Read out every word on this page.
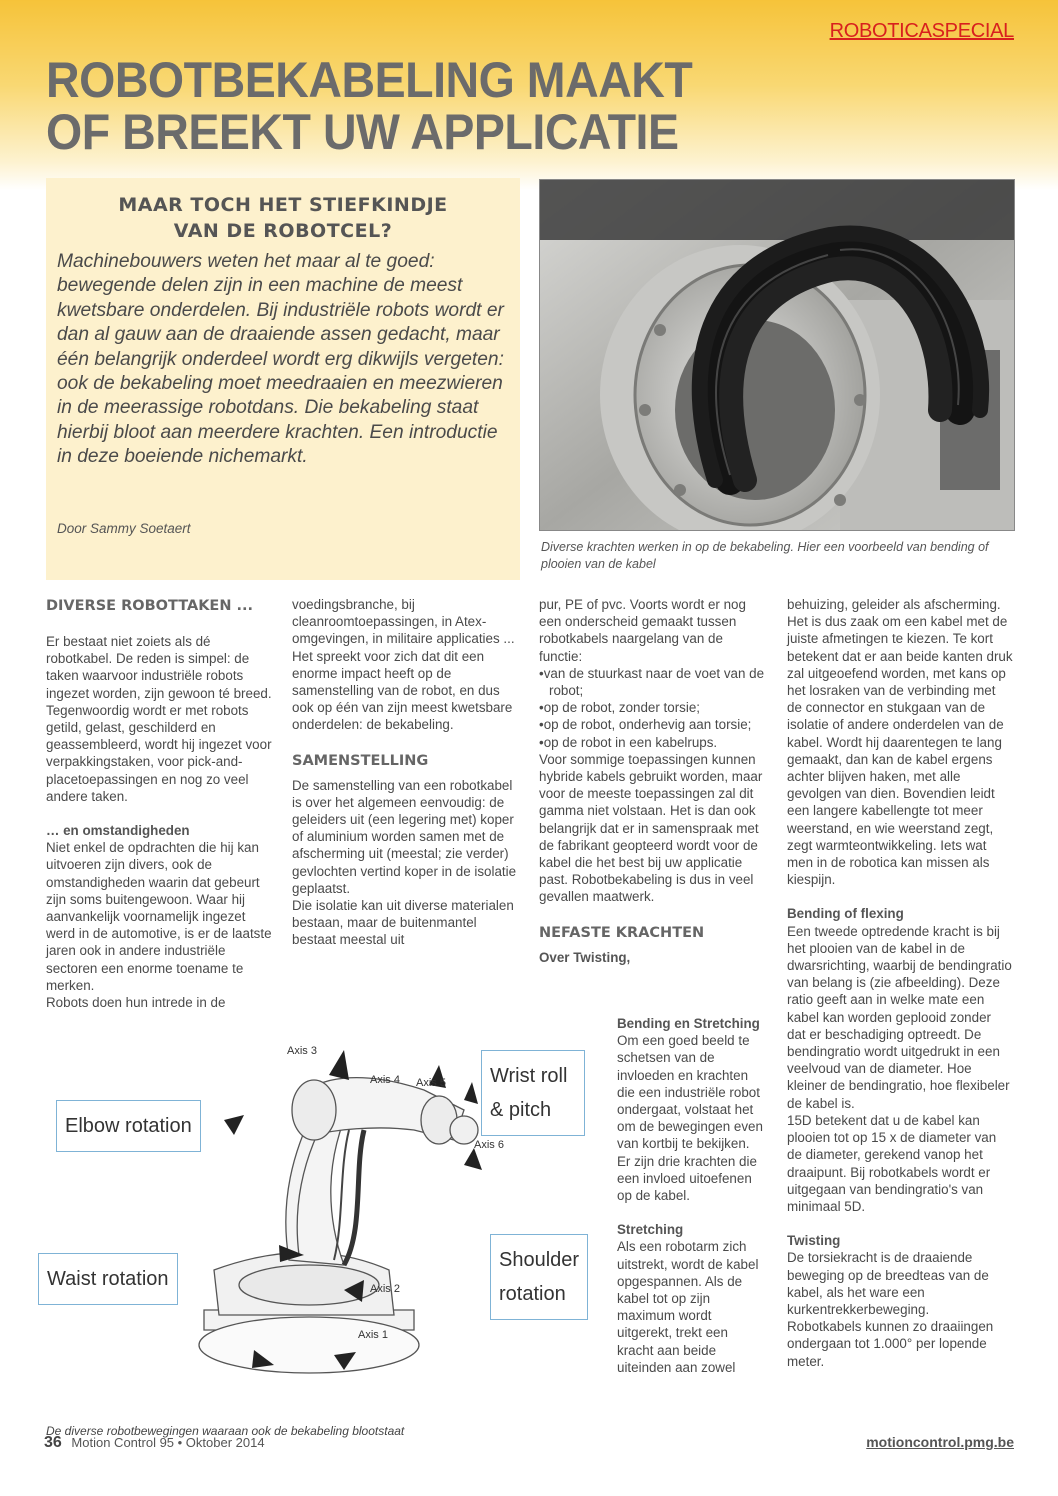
ROBOTICASPECIAL
ROBOTBEKABELING MAAKT
OF BREEKT UW APPLICATIE
MAAR TOCH HET STIEFKINDJE
VAN DE ROBOTCEL?

Machinebouwers weten het maar al te goed: bewegende delen zijn in een machine de meest kwetsbare onderdelen. Bij industriële robots wordt er dan al gauw aan de draaiende assen gedacht, maar één belangrijk onderdeel wordt erg dikwijls vergeten: ook de bekabeling moet meedraaien en meezwieren in de meerassige robotdans. Die bekabeling staat hierbij bloot aan meerdere krachten. Een introductie in deze boeiende nichemarkt.

Door Sammy Soetaert
Diverse krachten werken in op de bekabeling. Hier een voorbeeld van bending of plooien van de kabel
DIVERSE ROBOTTAKEN ...

Er bestaat niet zoiets als dé robotkabel. De reden is simpel: de taken waarvoor industriële robots ingezet worden, zijn gewoon té breed. Tegenwoordig wordt er met robots getild, gelast, geschilderd en geassembleerd, wordt hij ingezet voor verpakkingstaken, voor pick-and-placetoepassingen en nog zo veel andere taken.

… en omstandigheden

Niet enkel de opdrachten die hij kan uitvoeren zijn divers, ook de omstandigheden waarin dat gebeurt zijn soms buitengewoon. Waar hij aanvankelijk voornamelijk ingezet werd in de automotive, is er de laatste jaren ook in andere industriële sectoren een enorme toename te merken.

Robots doen hun intrede in de

voedingsbranche, bij cleanroomtoepassingen, in Atex-omgevingen, in militaire applicaties ...

Het spreekt voor zich dat dit een enorme impact heeft op de samenstelling van de robot, en dus ook op één van zijn meest kwetsbare onderdelen: de bekabeling.

SAMENSTELLING

De samenstelling van een robotkabel is over het algemeen eenvoudig: de geleiders uit (een legering met) koper of aluminium worden samen met de afscherming uit (meestal; zie verder) gevlochten vertind koper in de isolatie geplaatst.

Die isolatie kan uit diverse materialen bestaan, maar de buitenmantel bestaat meestal uit

pur, PE of pvc. Voorts wordt er nog een onderscheid gemaakt tussen robotkabels naargelang van de functie:

•van de stuurkast naar de voet van de robot;

•op de robot, zonder torsie;

•op de robot, onderhevig aan torsie;

•op de robot in een kabelrups.

Voor sommige toepassingen kunnen hybride kabels gebruikt worden, maar voor de meeste toepassingen zal dit gamma niet volstaan. Het is dan ook belangrijk dat er in samenspraak met de fabrikant geopteerd wordt voor de kabel die het best bij uw applicatie past. Robotbekabeling is dus in veel gevallen maatwerk.

NEFASTE KRACHTEN
Over Twisting,
Bending en Stretching

Om een goed beeld te schetsen van de invloeden en krachten die een industriële robot ondergaat, volstaat het om de bewegingen even van kortbij te bekijken.

Er zijn drie krachten die een invloed uitoefenen op de kabel.

Stretching

Als een robotarm zich uitstrekt, wordt de kabel opgespannen. Als de kabel tot op zijn maximum wordt uitgerekt, trekt een kracht aan beide uiteinden aan zowel

behuizing, geleider als afscherming. Het is dus zaak om een kabel met de juiste afmetingen te kiezen. Te kort betekent dat er aan beide kanten druk zal uitgeoefend worden, met kans op het losraken van de verbinding met de connector en stukgaan van de isolatie of andere onderdelen van de kabel. Wordt hij daarentegen te lang gemaakt, dan kan de kabel ergens achter blijven haken, met alle gevolgen van dien. Bovendien leidt een langere kabellengte tot meer weerstand, en wie weerstand zegt, zegt warmteontwikkeling. Iets wat men in de robotica kan missen als kiespijn.

Bending of flexing

Een tweede optredende kracht is bij het plooien van de kabel in de dwarsrichting, waarbij de bendingratio van belang is (zie afbeelding). Deze ratio geeft aan in welke mate een kabel kan worden geplooid zonder dat er beschadiging optreedt. De bendingratio wordt uitgedrukt in een veelvoud van de diameter. Hoe kleiner de bendingratio, hoe flexibeler de kabel is.

15D betekent dat u de kabel kan plooien tot op 15 x de diameter van de diameter, gerekend vanop het draaipunt. Bij robotkabels wordt er uitgegaan van bendingratio's van minimaal 5D.

Twisting

De torsiekracht is de draaiende beweging op de breedteas van de kabel, als het ware een kurkentrekkerbeweging.

Robotkabels kunnen zo draaiingen ondergaan tot 1.000° per lopende meter.

Axis 3
Axis 4 Axis 5
Axis 6
Axis 2
Axis 1
Elbow rotation
Waist rotation
Wrist roll
& pitch
Shoulder
rotation
De diverse robotbewegingen waaraan ook de bekabeling blootstaat
36 Motion Control 95 • Oktober 2014	motioncontrol.pmg.be
